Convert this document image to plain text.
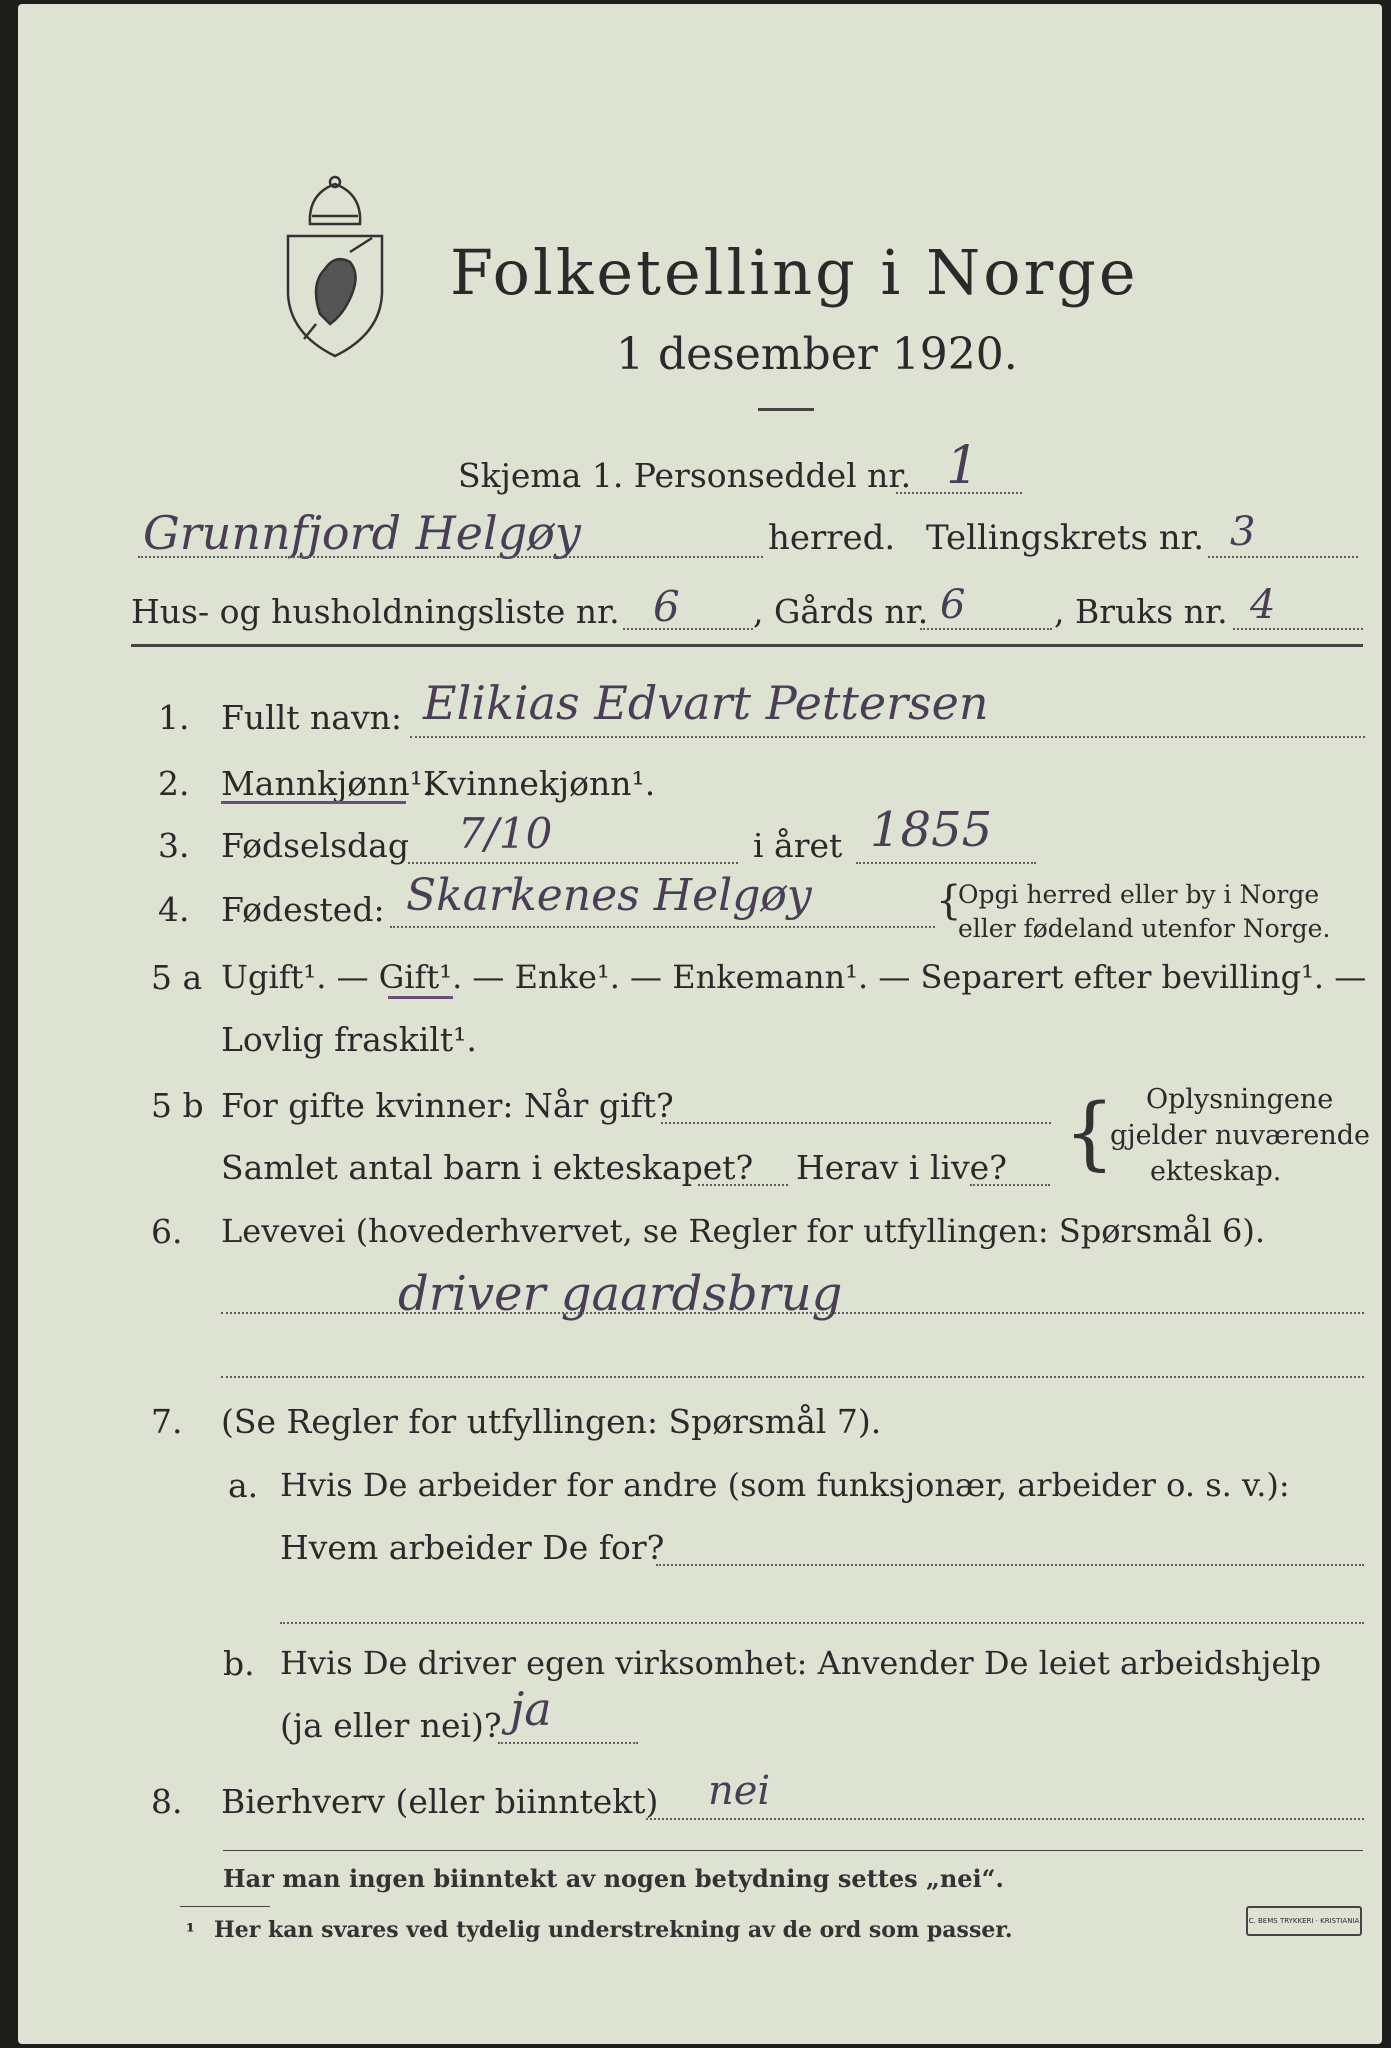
Folketelling i Norge
1 desember 1920.
Skjema 1. Personseddel nr. 1
Grunnfjord Helgøy	herred. Tellingskrets nr. 3
Hus- og husholdningsliste nr. 6 , Gårds nr. 6	, Bruks nr. 4
1. Fullt navn: Elikias Edvart Pettersen
2. Mannkjønn¹.
Kvinnekjønn¹.
3. Fødselsdag 7/10	i året 1855
4. Fødested: Skarkenes Helgøy	{
Opgi herred eller by i Norge
eller fødeland utenfor Norge.
5 a Ugift¹. — Gift¹. — Enke¹. — Enkemann¹. — Separert efter bevilling¹. —
Lovlig fraskilt¹.
5 b For gifte kvinner: Når gift?
Samlet antal barn i ekteskapet? Herav i live? { Oplysningene
gjelder nuværende
ekteskap.
6. Levevei (hovederhvervet, se Regler for utfyllingen: Spørsmål 6).
driver gaardsbrug
7. (Se Regler for utfyllingen: Spørsmål 7).
a. Hvis De arbeider for andre (som funksjonær, arbeider o. s. v.):
Hvem arbeider De for?
b. Hvis De driver egen virksomhet: Anvender De leiet arbeidshjelp
(ja eller nei)? ja
8. Bierhverv (eller biinntekt) nei
Har man ingen biinntekt av nogen betydning settes „nei“.
¹ Her kan svares ved tydelig understrekning av de ord som passer.	C. BEMS TRYKKERI · KRISTIANIA
